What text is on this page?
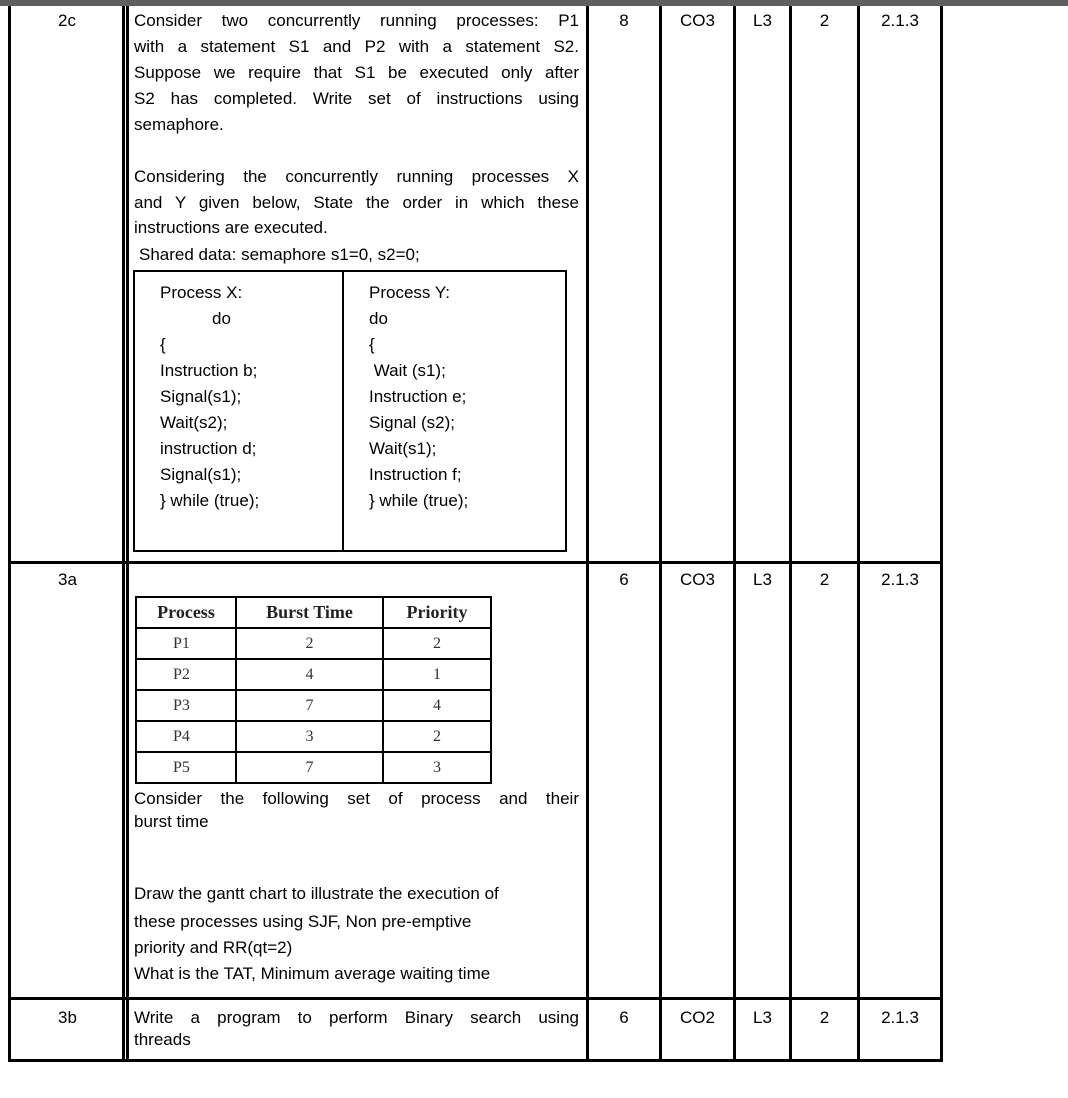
2c	Consider two concurrently running processes: P1
with a statement S1 and P2 with a statement S2.
Suppose we require that S1 be executed only after
S2 has completed. Write set of instructions using
semaphore.
Considering the concurrently running processes X
and Y given below, State the order in which these
instructions are executed.
Shared data: semaphore s1=0, s2=0;
Process X:
do
{
Instruction b;
Signal(s1);
Wait(s2);
instruction d;
Signal(s1);
} while (true);
Process Y:
do
{
Wait (s1);
Instruction e;
Signal (s2);
Wait(s1);
Instruction f;
} while (true);
8	CO3	L3	2	2.1.3
3a
Process	Burst Time	Priority
P1	2	2
P2	4	1
P3	7	4
P4	3	2
P5	7	3
Consider the following set of process and their
burst time
Draw the gantt chart to illustrate the execution of
these processes using SJF, Non pre-emptive
priority and RR(qt=2)
What is the TAT, Minimum average waiting time
6	CO3	L3	2	2.1.3
3b	Write a program to perform Binary search using
threads
6	CO2	L3	2	2.1.3
